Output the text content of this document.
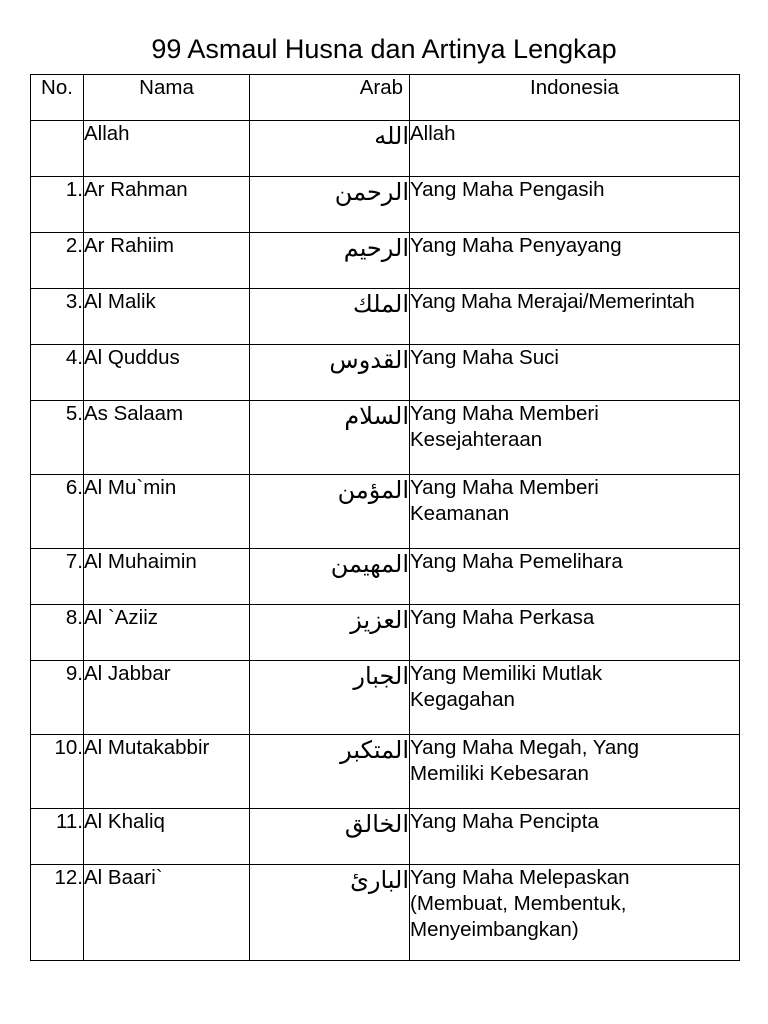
99 Asmaul Husna dan Artinya Lengkap
No.	Nama	Arab	Indonesia
	Allah	الله	Allah
1.	Ar Rahman	الرحمن	Yang Maha Pengasih
2.	Ar Rahiim	الرحيم	Yang Maha Penyayang
3.	Al Malik	الملك	Yang Maha Merajai/Memerintah
4.	Al Quddus	القدوس	Yang Maha Suci
5.	As Salaam	السلام	Yang Maha Memberi Kesejahteraan
6.	Al Mu`min	المؤمن	Yang Maha Memberi Keamanan
7.	Al Muhaimin	المهيمن	Yang Maha Pemelihara
8.	Al `Aziiz	العزيز	Yang Maha Perkasa
9.	Al Jabbar	الجبار	Yang Memiliki Mutlak Kegagahan
10.	Al Mutakabbir	المتكبر	Yang Maha Megah, Yang Memiliki Kebesaran
11.	Al Khaliq	الخالق	Yang Maha Pencipta
12.	Al Baari`	البارئ	Yang Maha Melepaskan (Membuat, Membentuk, Menyeimbangkan)
